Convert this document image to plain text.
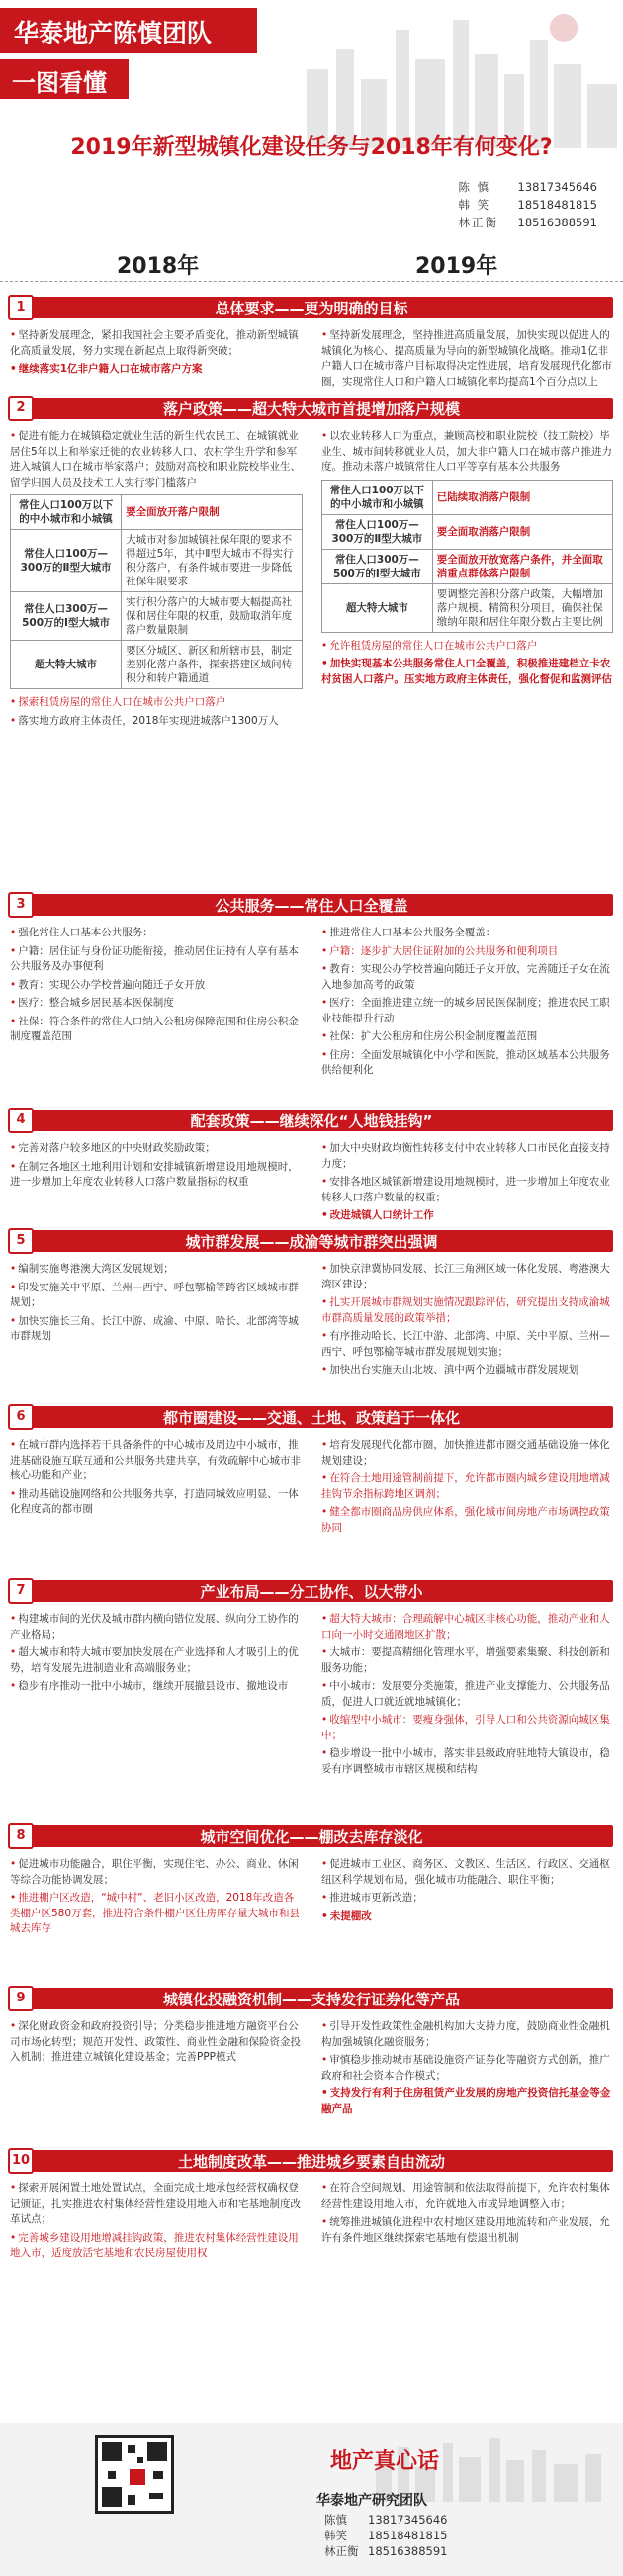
华泰地产陈慎团队
一图看懂
2019年新型城镇化建设任务与2018年有何变化?
陈 慎 13817345646
韩 笑 18518481815
林正衡 18516388591
2018年	2019年
1	总体要求——更为明确的目标

• 坚持新发展理念，紧扣我国社会主要矛盾变化，推动新型城镇化高质量发展，努力实现在新起点上取得新突破；

• 继续落实1亿非户籍人口在城市落户方案

• 坚持新发展理念，坚持推进高质量发展，加快实现以促进人的城镇化为核心、提高质量为导向的新型城镇化战略。推动1亿非户籍人口在城市落户目标取得决定性进展，培育发展现代化都市圈，实现常住人口和户籍人口城镇化率均提高1个百分点以上

2	落户政策——超大特大城市首提增加落户规模

• 促进有能力在城镇稳定就业生活的新生代农民工、在城镇就业居住5年以上和举家迁徙的农业转移人口、农村学生升学和参军进入城镇人口在城市举家落户；鼓励对高校和职业院校毕业生、留学归国人员及技术工人实行零门槛落户

常住人口100万以下的中小城市和小城镇	要全面放开落户限制
常住人口100万—300万的Ⅱ型大城市	大城市对参加城镇社保年限的要求不得超过5年，其中Ⅱ型大城市不得实行积分落户，有条件城市要进一步降低社保年限要求
常住人口300万—500万的Ⅰ型大城市	实行积分落户的大城市要大幅提高社保和居住年限的权重，鼓励取消年度落户数量限制
超大特大城市	要区分城区、新区和所辖市县，制定差别化落户条件，探索搭建区域间转积分和转户籍通道

• 探索租赁房屋的常住人口在城市公共户口落户

• 落实地方政府主体责任，2018年实现进城落户1300万人

• 以农业转移人口为重点，兼顾高校和职业院校（技工院校）毕业生、城市间转移就业人员，加大非户籍人口在城市落户推进力度。推动未落户城镇常住人口平等享有基本公共服务

常住人口100万以下的中小城市和小城镇	已陆续取消落户限制
常住人口100万—300万的Ⅱ型大城市	要全面取消落户限制
常住人口300万—500万的Ⅰ型大城市	要全面放开放宽落户条件，并全面取消重点群体落户限制
超大特大城市	要调整完善积分落户政策，大幅增加落户规模、精简积分项目，确保社保缴纳年限和居住年限分数占主要比例

• 允许租赁房屋的常住人口在城市公共户口落户

• 加快实现基本公共服务常住人口全覆盖，积极推进建档立卡农村贫困人口落户。压实地方政府主体责任，强化督促和监测评估

3	公共服务——常住人口全覆盖

• 强化常住人口基本公共服务：

• 户籍：居住证与身份证功能衔接，推动居住证持有人享有基本公共服务及办事便利

• 教育：实现公办学校普遍向随迁子女开放

• 医疗：整合城乡居民基本医保制度

• 社保：符合条件的常住人口纳入公租房保障范围和住房公积金制度覆盖范围

• 推进常住人口基本公共服务全覆盖：

• 户籍：逐步扩大居住证附加的公共服务和便利项目

• 教育：实现公办学校普遍向随迁子女开放，完善随迁子女在流入地参加高考的政策

• 医疗：全面推进建立统一的城乡居民医保制度；推进农民工职业技能提升行动

• 社保：扩大公租房和住房公积金制度覆盖范围

• 住房：全面发展城镇化中小学和医院，推动区域基本公共服务供给便利化

4	配套政策——继续深化“人地钱挂钩”

• 完善对落户较多地区的中央财政奖励政策；

• 在制定各地区土地利用计划和安排城镇新增建设用地规模时，进一步增加上年度农业转移人口落户数量指标的权重

• 加大中央财政均衡性转移支付中农业转移人口市民化直接支持力度；

• 安排各地区城镇新增建设用地规模时，进一步增加上年度农业转移人口落户数量的权重；

• 改进城镇人口统计工作

5	城市群发展——成渝等城市群突出强调

• 编制实施粤港澳大湾区发展规划；

• 印发实施关中平原、兰州—西宁、呼包鄂榆等跨省区域城市群规划；

• 加快实施长三角、长江中游、成渝、中原、哈长、北部湾等城市群规划

• 加快京津冀协同发展、长江三角洲区域一体化发展、粤港澳大湾区建设；

• 扎实开展城市群规划实施情况跟踪评估，研究提出支持成渝城市群高质量发展的政策举措；

• 有序推动哈长、长江中游、北部湾、中原、关中平原、兰州—西宁、呼包鄂榆等城市群发展规划实施；

• 加快出台实施天山北坡、滇中两个边疆城市群发展规划

6	都市圈建设——交通、土地、政策趋于一体化

• 在城市群内选择若干具备条件的中心城市及周边中小城市，推进基础设施互联互通和公共服务共建共享，有效疏解中心城市非核心功能和产业；

• 推动基础设施网络和公共服务共享，打造同城效应明显、一体化程度高的都市圈

• 培育发展现代化都市圈，加快推进都市圈交通基础设施一体化规划建设；

• 在符合土地用途管制前提下，允许都市圈内城乡建设用地增减挂钩节余指标跨地区调剂；

• 健全都市圈商品房供应体系，强化城市间房地产市场调控政策协同

7	产业布局——分工协作、以大带小

• 构建城市间的光伏及城市群内横向错位发展、纵向分工协作的产业格局；

• 超大城市和特大城市要加快发展在产业选择和人才吸引上的优势，培育发展先进制造业和高端服务业；

• 稳步有序推动一批中小城市，继续开展撤县设市、撤地设市

• 超大特大城市：合理疏解中心城区非核心功能，推动产业和人口向一小时交通圈地区扩散；

• 大城市：要提高精细化管理水平，增强要素集聚、科技创新和服务功能；

• 中小城市：发展要分类施策，推进产业支撑能力、公共服务品质，促进人口就近就地城镇化；

• 收缩型中小城市：要瘦身强体，引导人口和公共资源向城区集中；

• 稳步增设一批中小城市，落实非县级政府驻地特大镇设市，稳妥有序调整城市市辖区规模和结构

8	城市空间优化——棚改去库存淡化

• 促进城市功能融合，职住平衡，实现住宅、办公、商业、休闲等综合功能协调发展；

• 推进棚户区改造，“城中村”、老旧小区改造，2018年改造各类棚户区580万套，推进符合条件棚户区住房库存量大城市和县城去库存

• 促进城市工业区、商务区、文教区、生活区、行政区、交通枢纽区科学规划布局，强化城市功能融合、职住平衡；

• 推进城市更新改造；

• 未提棚改

9	城镇化投融资机制——支持发行证券化等产品

• 深化财政资金和政府投资引导；分类稳步推进地方融资平台公司市场化转型；规范开发性、政策性、商业性金融和保险资金投入机制；推进建立城镇化建设基金；完善PPP模式

• 引导开发性政策性金融机构加大支持力度，鼓励商业性金融机构加强城镇化融资服务；

• 审慎稳步推动城市基础设施资产证券化等融资方式创新，推广政府和社会资本合作模式；

• 支持发行有利于住房租赁产业发展的房地产投资信托基金等金融产品

10	土地制度改革——推进城乡要素自由流动

• 探索开展闲置土地处置试点，全面完成土地承包经营权确权登记颁证，扎实推进农村集体经营性建设用地入市和宅基地制度改革试点；

• 完善城乡建设用地增减挂钩政策，推进农村集体经营性建设用地入市，适度放活宅基地和农民房屋使用权

• 在符合空间规划、用途管制和依法取得前提下，允许农村集体经营性建设用地入市，允许就地入市或异地调整入市；

• 统筹推进城镇化进程中农村地区建设用地流转和产业发展，允许有条件地区继续探索宅基地有偿退出机制

地产真心话
华泰地产研究团队
陈慎 13817345646
韩笑 18518481815
林正衡 18516388591
